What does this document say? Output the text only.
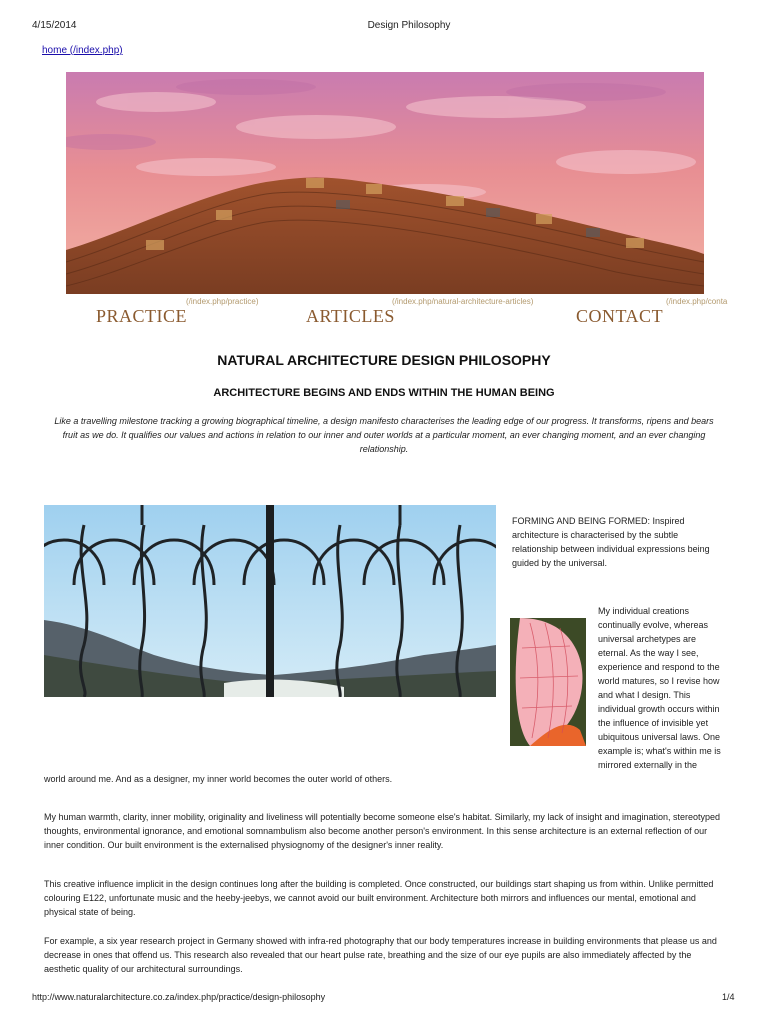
4/15/2014	Design Philosophy
home (/index.php)
(/index.php/practice)	(/index.php/natural-architecture-articles)	(/index.php/conta
PRACTICE	ARTICLES	CONTACT
NATURAL ARCHITECTURE DESIGN PHILOSOPHY
ARCHITECTURE BEGINS AND ENDS WITHIN THE HUMAN BEING
Like a travelling milestone tracking a growing biographical timeline, a design manifesto characterises the leading edge of our progress. It transforms, ripens and bears fruit as we do. It qualifies our values and actions in relation to our inner and outer worlds at a particular moment, an ever changing moment, and an ever changing relationship.
FORMING AND BEING FORMED: Inspired architecture is characterised by the subtle relationship between individual expressions being guided by the universal.
My individual creations continually evolve, whereas universal archetypes are eternal. As the way I see, experience and respond to the world matures, so I revise how and what I design. This individual growth occurs within the influence of invisible yet ubiquitous universal laws. One example is; what's within me is mirrored externally in the
world around me. And as a designer, my inner world becomes the outer world of others.
My human warmth, clarity, inner mobility, originality and liveliness will potentially become someone else's habitat. Similarly, my lack of insight and imagination, stereotyped thoughts, environmental ignorance, and emotional somnambulism also become another person's environment. In this sense architecture is an external reflection of our inner condition. Our built environment is the externalised physiognomy of the designer's inner reality.
This creative influence implicit in the design continues long after the building is completed. Once constructed, our buildings start shaping us from within. Unlike permitted colouring E122, unfortunate music and the heeby-jeebys, we cannot avoid our built environment. Architecture both mirrors and influences our mental, emotional and physical state of being.
For example, a six year research project in Germany showed with infra-red photography that our body temperatures increase in building environments that please us and decrease in ones that offend us. This research also revealed that our heart pulse rate, breathing and the size of our eye pupils are also immediately affected by the aesthetic quality of our architectural surroundings.
http://www.naturalarchitecture.co.za/index.php/practice/design-philosophy	1/4
